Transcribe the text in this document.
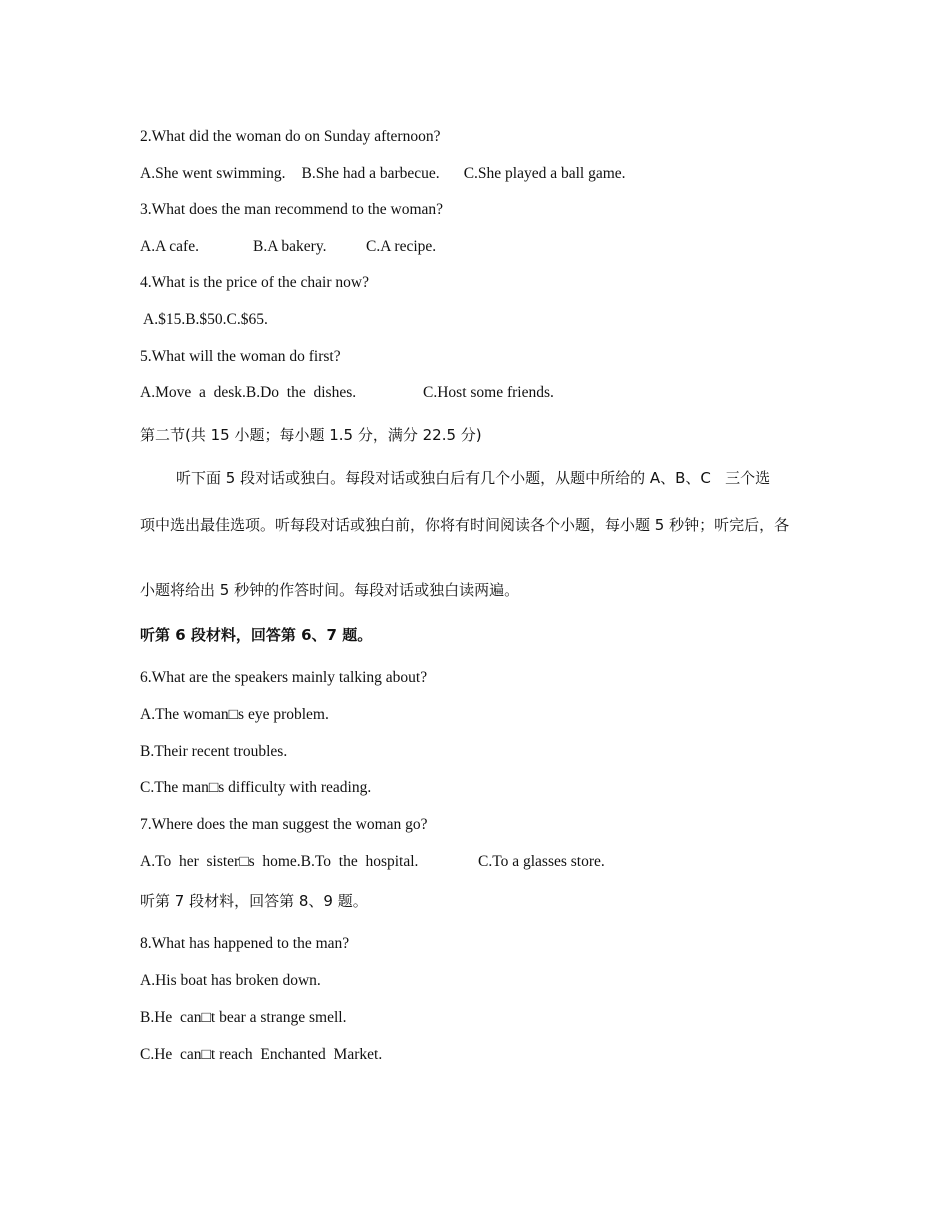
2.What did the woman do on Sunday afternoon?
A.She went swimming. B.She had a barbecue. C.She played a ball game.
3.What does the man recommend to the woman?
A.A cafe.	B.A bakery.	C.A recipe.
4.What is the price of the chair now?
A.$15.B.$50.C.$65.
5.What will the woman do first?
A.Move  a  desk.B.Do  the  dishes.	C.Host some friends.
第二节(共 15 小题；每小题 1.5 分，满分 22.5 分)
听下面 5 段对话或独白。每段对话或独白后有几个小题，从题中所给的 A、B、C   三个选
项中选出最佳选项。听每段对话或独白前，你将有时间阅读各个小题，每小题 5 秒钟；听完后，各
小题将给出 5 秒钟的作答时间。每段对话或独白读两遍。
听第 6 段材料，回答第 6、7 题。
6.What are the speakers mainly talking about?
A.The woman□s eye problem.
B.Their recent troubles.
C.The man□s difficulty with reading.
7.Where does the man suggest the woman go?
A.To  her  sister□s  home.B.To  the  hospital.	C.To a glasses store.
听第 7 段材料，回答第 8、9 题。
8.What has happened to the man?
A.His boat has broken down.
B.He  can□t bear a strange smell.
C.He  can□t reach  Enchanted  Market.
